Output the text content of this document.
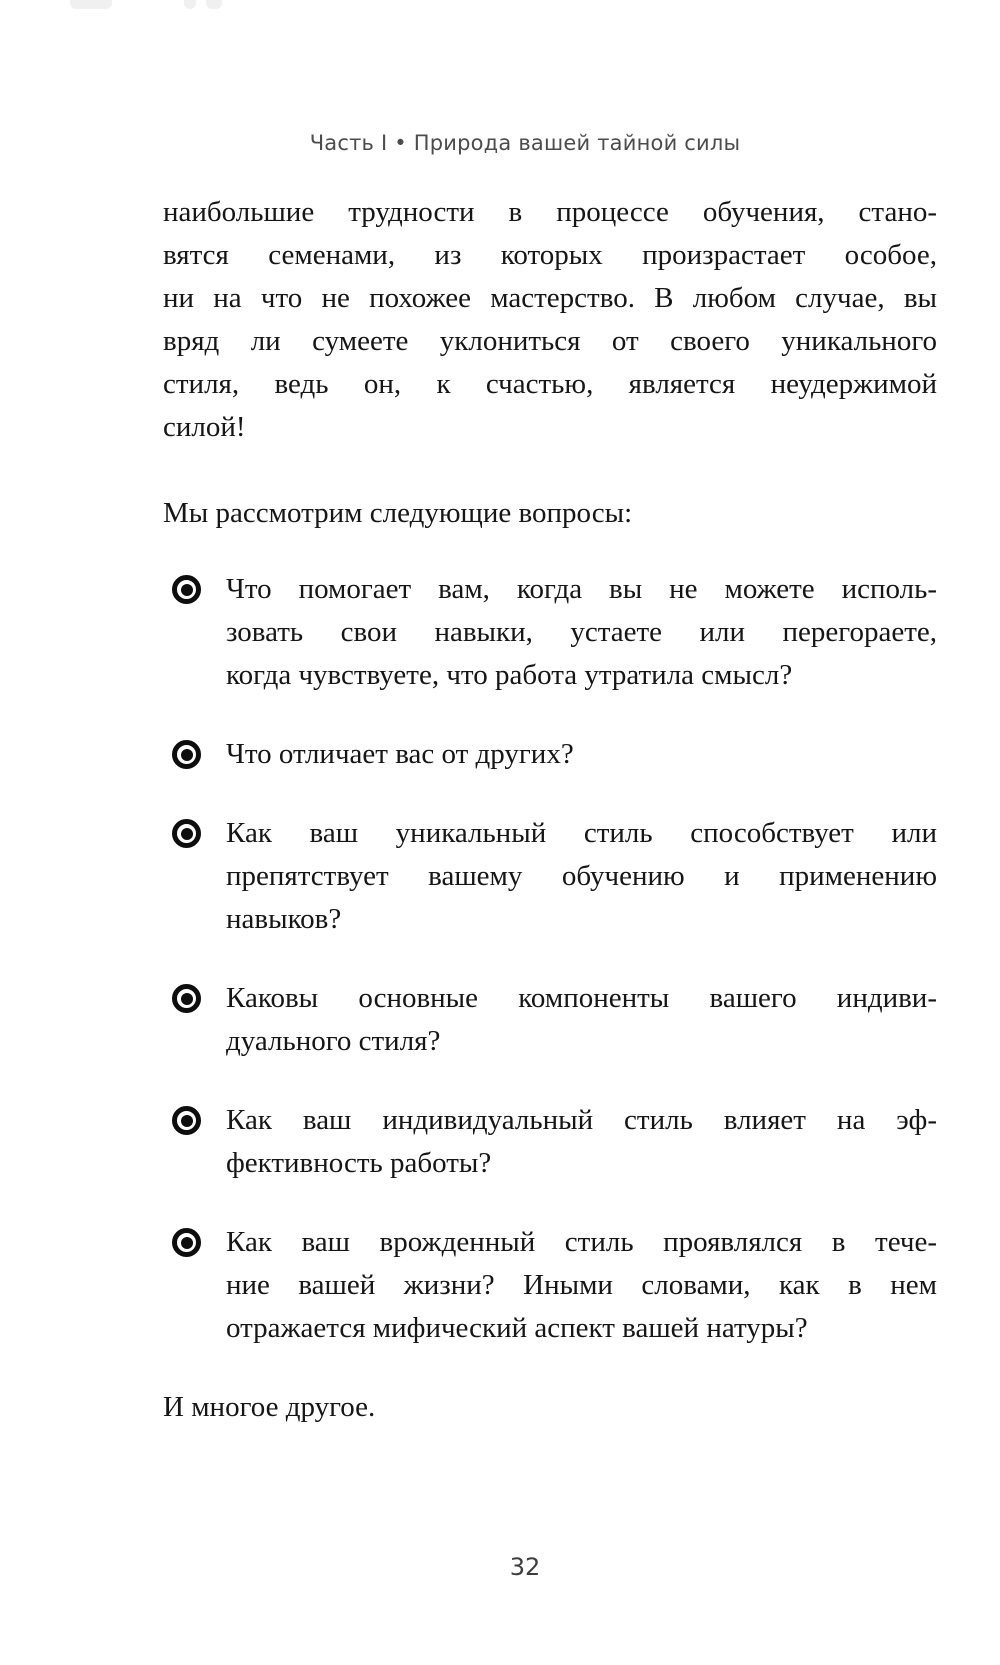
Часть I • Природа вашей тайной силы
наибольшие трудности в процессе обучения, стано-
вятся семенами, из которых произрастает особое,
ни на что не похожее мастерство. В любом случае, вы
вряд ли сумеете уклониться от своего уникального
стиля, ведь он, к счастью, является неудержимой
силой!
Мы рассмотрим следующие вопросы:
Что помогает вам, когда вы не можете исполь-
зовать свои навыки, устаете или перегораете,
когда чувствуете, что работа утратила смысл?
Что отличает вас от других?
Как ваш уникальный стиль способствует или
препятствует вашему обучению и применению
навыков?
Каковы основные компоненты вашего индиви-
дуального стиля?
Как ваш индивидуальный стиль влияет на эф-
фективность работы?
Как ваш врожденный стиль проявлялся в тече-
ние вашей жизни? Иными словами, как в нем
отражается мифический аспект вашей натуры?
И многое другое.
32
